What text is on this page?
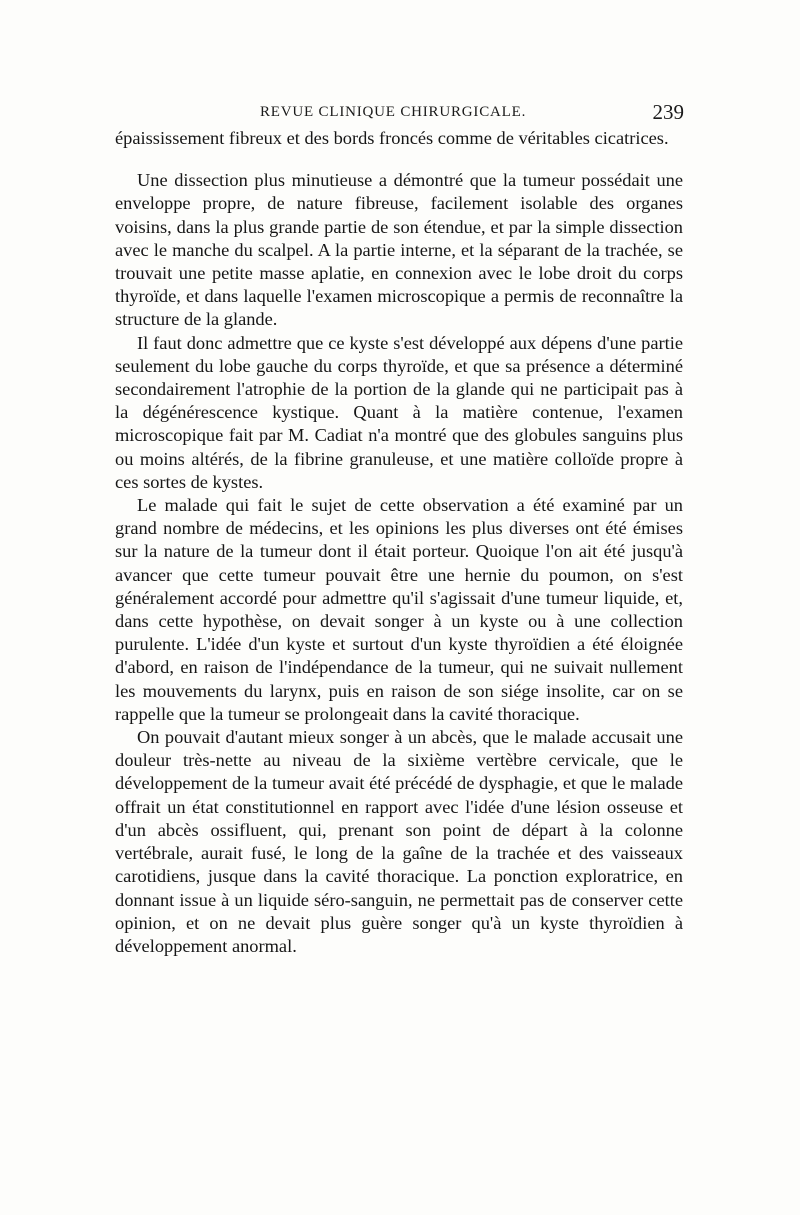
REVUE CLINIQUE CHIRURGICALE.	239

épaississement fibreux et des bords froncés comme de véritables cicatrices.

Une dissection plus minutieuse a démontré que la tumeur possédait une enveloppe propre, de nature fibreuse, facilement isolable des organes voisins, dans la plus grande partie de son étendue, et par la simple dissection avec le manche du scalpel. A la partie interne, et la séparant de la trachée, se trouvait une petite masse aplatie, en connexion avec le lobe droit du corps thyroïde, et dans laquelle l'examen microscopique a permis de reconnaître la structure de la glande.

Il faut donc admettre que ce kyste s'est développé aux dépens d'une partie seulement du lobe gauche du corps thyroïde, et que sa présence a déterminé secondairement l'atrophie de la portion de la glande qui ne participait pas à la dégénérescence kystique. Quant à la matière contenue, l'examen microscopique fait par M. Cadiat n'a montré que des globules sanguins plus ou moins altérés, de la fibrine granuleuse, et une matière colloïde propre à ces sortes de kystes.

Le malade qui fait le sujet de cette observation a été examiné par un grand nombre de médecins, et les opinions les plus diverses ont été émises sur la nature de la tumeur dont il était porteur. Quoique l'on ait été jusqu'à avancer que cette tumeur pouvait être une hernie du poumon, on s'est généralement accordé pour admettre qu'il s'agissait d'une tumeur liquide, et, dans cette hypothèse, on devait songer à un kyste ou à une collection purulente. L'idée d'un kyste et surtout d'un kyste thyroïdien a été éloignée d'abord, en raison de l'indépendance de la tumeur, qui ne suivait nullement les mouvements du larynx, puis en raison de son siége insolite, car on se rappelle que la tumeur se prolongeait dans la cavité thoracique.

On pouvait d'autant mieux songer à un abcès, que le malade accusait une douleur très-nette au niveau de la sixième vertèbre cervicale, que le développement de la tumeur avait été précédé de dysphagie, et que le malade offrait un état constitutionnel en rapport avec l'idée d'une lésion osseuse et d'un abcès ossifluent, qui, prenant son point de départ à la colonne vertébrale, aurait fusé, le long de la gaîne de la trachée et des vaisseaux carotidiens, jusque dans la cavité thoracique. La ponction exploratrice, en donnant issue à un liquide séro-sanguin, ne permettait pas de conserver cette opinion, et on ne devait plus guère songer qu'à un kyste thyroïdien à développement anormal.
